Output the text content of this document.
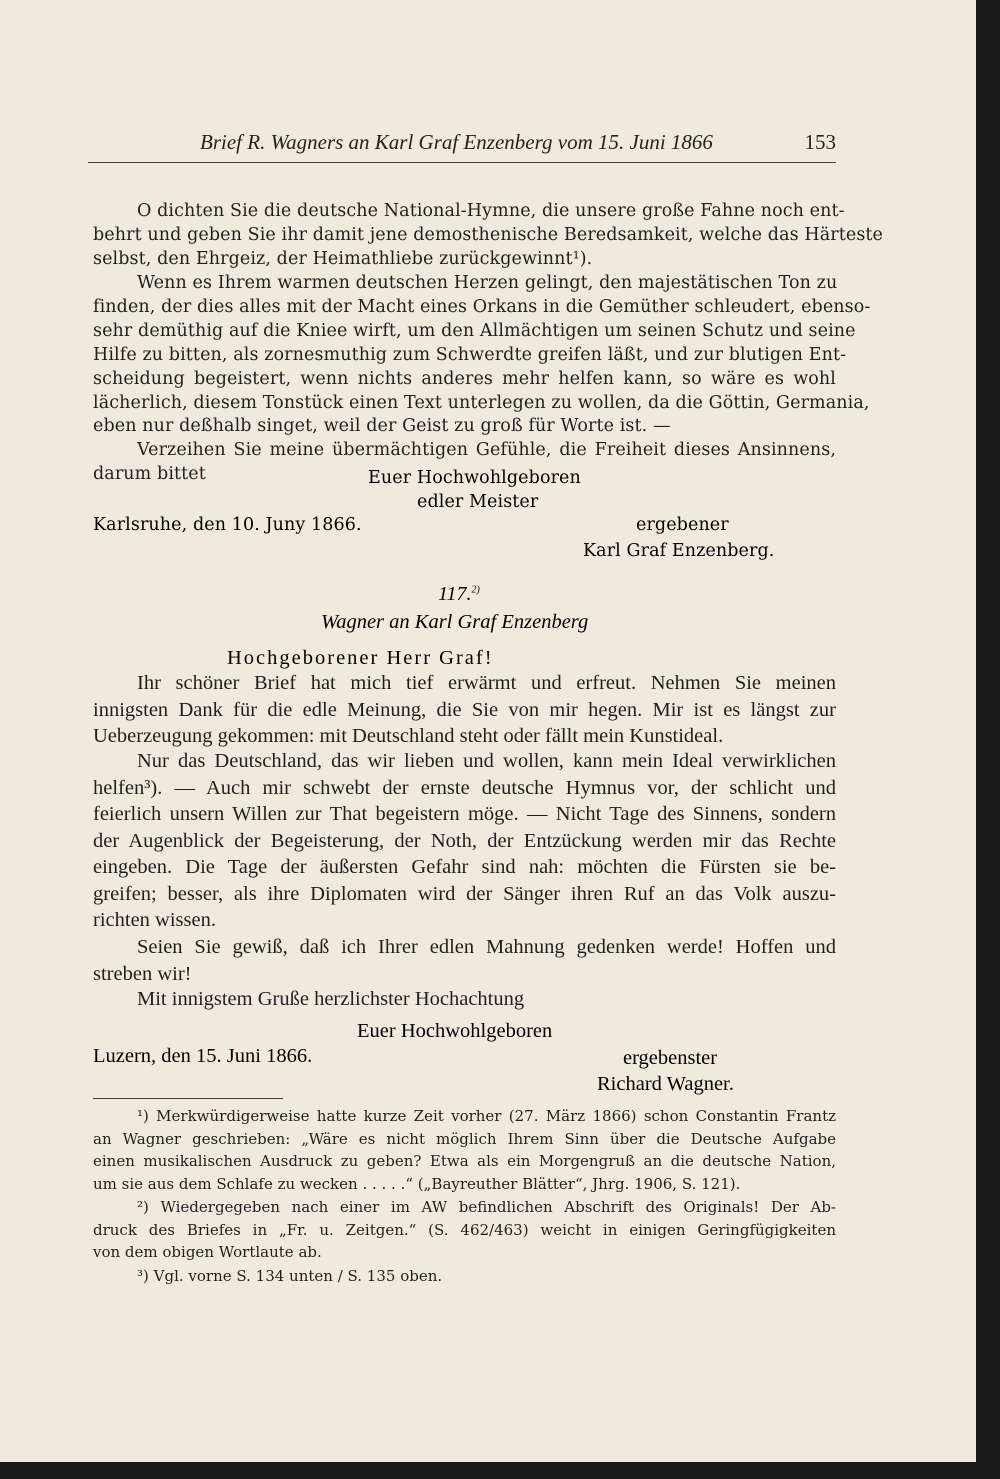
Brief R. Wagners an Karl Graf Enzenberg vom 15. Juni 1866	153
O dichten Sie die deutsche National-Hymne, die unsere große Fahne noch ent-
behrt und geben Sie ihr damit jene demosthenische Beredsamkeit, welche das Härteste
selbst, den Ehrgeiz, der Heimathliebe zurückgewinnt¹).
Wenn es Ihrem warmen deutschen Herzen gelingt, den majestätischen Ton zu
finden, der dies alles mit der Macht eines Orkans in die Gemüther schleudert, ebenso-
sehr demüthig auf die Kniee wirft, um den Allmächtigen um seinen Schutz und seine
Hilfe zu bitten, als zornesmuthig zum Schwerdte greifen läßt, und zur blutigen Ent-
scheidung begeistert, wenn nichts anderes mehr helfen kann, so wäre es wohl
lächerlich, diesem Tonstück einen Text unterlegen zu wollen, da die Göttin, Germania,
eben nur deßhalb singet, weil der Geist zu groß für Worte ist. —
Verzeihen Sie meine übermächtigen Gefühle, die Freiheit dieses Ansinnens,
darum bittet	Euer Hochwohlgeboren
edler Meister
Karlsruhe, den 10. Juny 1866.	ergebener
Karl Graf Enzenberg.
117.$^{2)}$
Wagner an Karl Graf Enzenberg
Hochgeborener Herr Graf!
Ihr schöner Brief hat mich tief erwärmt und erfreut. Nehmen Sie meinen
innigsten Dank für die edle Meinung, die Sie von mir hegen. Mir ist es längst zur
Ueberzeugung gekommen: mit Deutschland steht oder fällt mein Kunstideal.
Nur das Deutschland, das wir lieben und wollen, kann mein Ideal verwirklichen
helfen³). — Auch mir schwebt der ernste deutsche Hymnus vor, der schlicht und
feierlich unsern Willen zur That begeistern möge. — Nicht Tage des Sinnens, sondern
der Augenblick der Begeisterung, der Noth, der Entzückung werden mir das Rechte
eingeben. Die Tage der äußersten Gefahr sind nah: möchten die Fürsten sie be-
greifen; besser, als ihre Diplomaten wird der Sänger ihren Ruf an das Volk auszu-
richten wissen.
Seien Sie gewiß, daß ich Ihrer edlen Mahnung gedenken werde! Hoffen und
streben wir!
Mit innigstem Gruße herzlichster Hochachtung
Euer Hochwohlgeboren
Luzern, den 15. Juni 1866.	ergebenster
Richard Wagner.
¹) Merkwürdigerweise hatte kurze Zeit vorher (27. März 1866) schon Constantin Frantz
an Wagner geschrieben: „Wäre es nicht möglich Ihrem Sinn über die Deutsche Aufgabe
einen musikalischen Ausdruck zu geben? Etwa als ein Morgengruß an die deutsche Nation,
um sie aus dem Schlafe zu wecken . . . . .“ („Bayreuther Blätter“, Jhrg. 1906, S. 121).
²) Wiedergegeben nach einer im AW befindlichen Abschrift des Originals! Der Ab-
druck des Briefes in „Fr. u. Zeitgen.“ (S. 462/463) weicht in einigen Geringfügigkeiten
von dem obigen Wortlaute ab.
³) Vgl. vorne S. 134 unten / S. 135 oben.
